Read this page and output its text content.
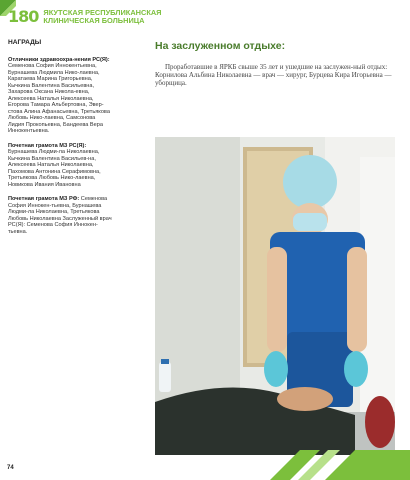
180 ЯКУТСКАЯ РЕСПУБЛИКАНСКАЯ
КЛИНИЧЕСКАЯ БОЛЬНИЦА
НАГРАДЫ
Отличники здравоохра-нения РС(Я): Семенова София Иннокентьевна, Бурнашева Людмила Нико-лаевна, Каратаева Марина Григорьевна, Кычкина Валентина Васильевна, Захарова Оксана Никола-евна, Алексеева Наталья Николаевна, Егорова Тамара Альбертовна, Эвер-стова Алина Афанасьевна, Третьякова Любовь Нико-лаевна, Самсонова Лидия Прокопьевна, Бандеева Вера Иннокентьевна.
Почетная грамота МЗ РС(Я): Бурнашева Людми-ла Николаевна, Кычкина Валентина Васильев-на, Алексеева Наталья Николаевна, Пахомова Антонина Серафимовна, Третьякова Любовь Нико-лаевна, Новикова Ивания Ивановна
Почетная грамота МЗ РФ: Семенова София Иннокен-тьевна, Бурнашева Людми-ла Николаевна, Третьякова Любовь Николаевна Заслуженный врач РС(Я): Семенова София Иннокен-тьевна.
На заслуженном отдыхе:
Проработавшие в ЯРКБ свыше 35 лет и ушедшие на заслужен-ный отдых: Корнилова Альбина Николаевна — врач — хирург, Бурцева Кира Игорьевна — уборщица.
74
